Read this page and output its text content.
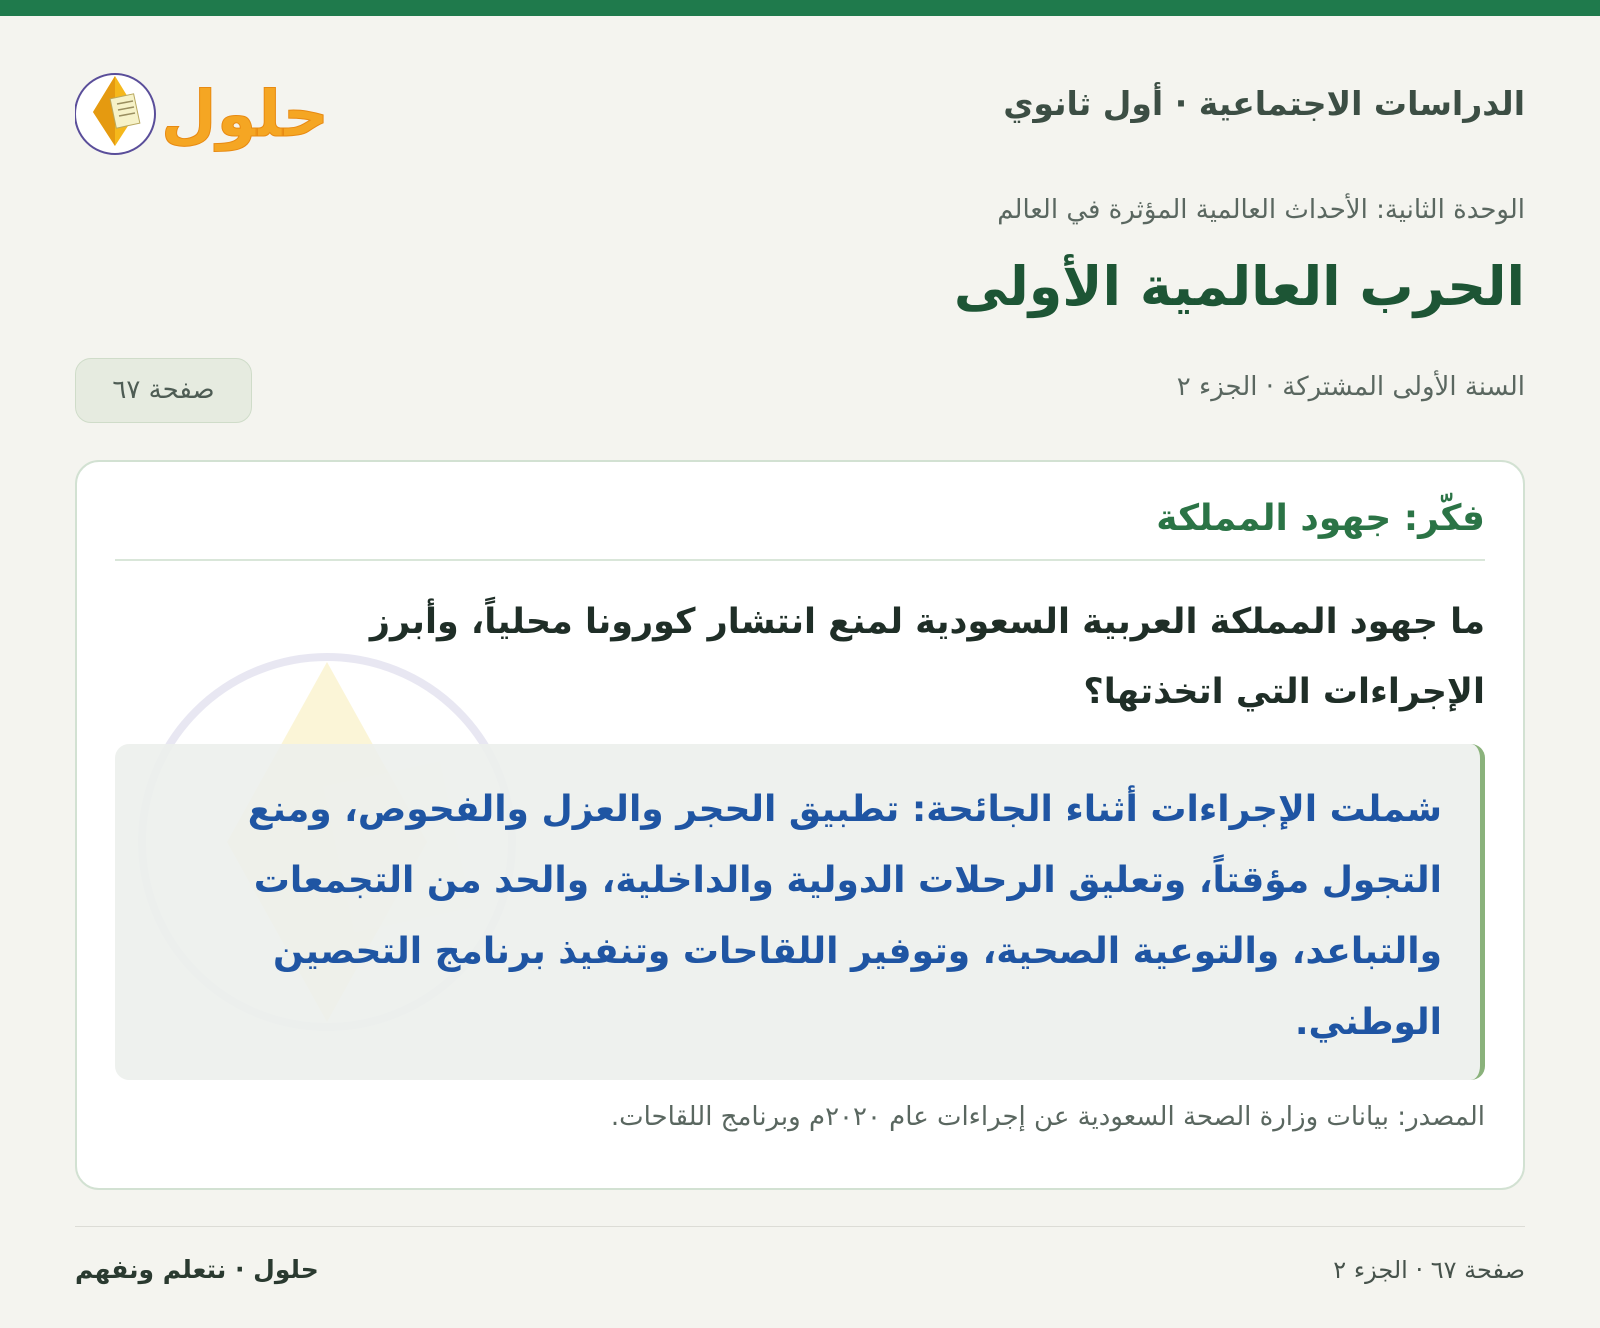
الدراسات الاجتماعية · أول ثانوي
حلول
الوحدة الثانية: الأحداث العالمية المؤثرة في العالم
الحرب العالمية الأولى
السنة الأولى المشتركة · الجزء ٢
صفحة ٦٧
فكّر: جهود المملكة

ما جهود المملكة العربية السعودية لمنع انتشار كورونا محلياً، وأبرز الإجراءات التي اتخذتها؟

شملت الإجراءات أثناء الجائحة: تطبيق الحجر والعزل والفحوص، ومنع التجول مؤقتاً، وتعليق الرحلات الدولية والداخلية، والحد من التجمعات والتباعد، والتوعية الصحية، وتوفير اللقاحات وتنفيذ برنامج التحصين الوطني.

المصدر: بيانات وزارة الصحة السعودية عن إجراءات عام ٢٠٢٠م وبرنامج اللقاحات.

صفحة ٦٧ · الجزء ٢
حلول · نتعلم ونفهم
